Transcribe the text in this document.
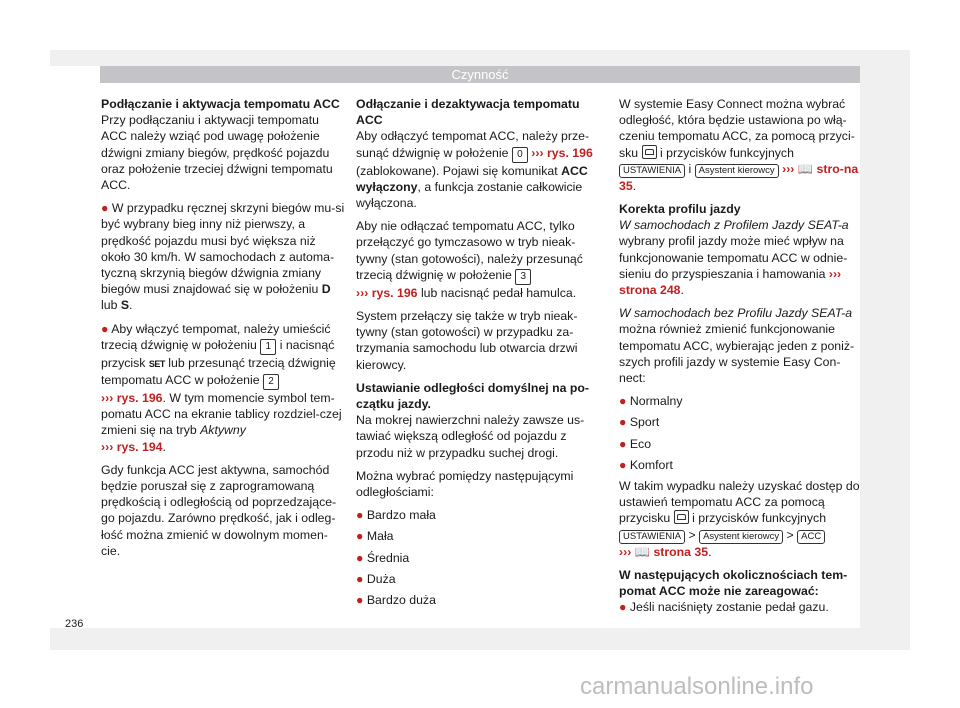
Czynność
Podłączanie i aktywacja tempomatu ACC

Przy podłączaniu i aktywacji tempomatu ACC należy wziąć pod uwagę położenie dźwigni zmiany biegów, prędkość pojazdu oraz położenie trzeciej dźwigni tempomatu ACC.

● W przypadku ręcznej skrzyni biegów mu-si być wybrany bieg inny niż pierwszy, a prędkość pojazdu musi być większa niż około 30 km/h. W samochodach z automa-tyczną skrzynią biegów dźwignia zmiany biegów musi znajdować się w położeniu D lub S.

● Aby włączyć tempomat, należy umieścić trzecią dźwignię w położeniu 1 i nacisnąć przycisk SET lub przesunąć trzecią dźwignię tempomatu ACC w położenie 2
››› rys. 196. W tym momencie symbol tem-pomatu ACC na ekranie tablicy rozdziel-czej zmieni się na tryb Aktywny
››› rys. 194.

Gdy funkcja ACC jest aktywna, samochód będzie poruszał się z zaprogramowaną prędkością i odległością od poprzedzające-go pojazdu. Zarówno prędkość, jak i odleg-łość można zmienić w dowolnym momen-cie.

Odłączanie i dezaktywacja tempomatu ACC

Aby odłączyć tempomat ACC, należy prze-sunąć dźwignię w położenie 0 ››› rys. 196 (zablokowane). Pojawi się komunikat ACC wyłączony, a funkcja zostanie całkowicie wyłączona.

Aby nie odłączać tempomatu ACC, tylko przełączyć go tymczasowo w tryb nieak-tywny (stan gotowości), należy przesunąć trzecią dźwignię w położenie 3
››› rys. 196 lub nacisnąć pedał hamulca.

System przełączy się także w tryb nieak-tywny (stan gotowości) w przypadku za-trzymania samochodu lub otwarcia drzwi kierowcy.

Ustawianie odległości domyślnej na po-czątku jazdy.

Na mokrej nawierzchni należy zawsze us-tawiać większą odległość od pojazdu z przodu niż w przypadku suchej drogi.

Można wybrać pomiędzy następującymi odległościami:

● Bardzo mała
● Mała
● Średnia
● Duża
● Bardzo duża

W systemie Easy Connect można wybrać odległość, która będzie ustawiona po włą-czeniu tempomatu ACC, za pomocą przyci-sku i przycisków funkcyjnych
USTAWIENIA i Asystent kierowcy ››› 📖 stro-na 35.

Korekta profilu jazdy

W samochodach z Profilem Jazdy SEAT-a wybrany profil jazdy może mieć wpływ na funkcjonowanie tempomatu ACC w odnie-sieniu do przyspieszania i hamowania ››› strona 248.

W samochodach bez Profilu Jazdy SEAT-a można również zmienić funkcjonowanie tempomatu ACC, wybierając jeden z poniż-szych profili jazdy w systemie Easy Con-nect:

● Normalny
● Sport
● Eco
● Komfort

W takim wypadku należy uzyskać dostęp do ustawień tempomatu ACC za pomocą przycisku i przycisków funkcyjnych
USTAWIENIA > Asystent kierowcy > ACC
››› 📖 strona 35.

W następujących okolicznościach tem-pomat ACC może nie zareagować:

● Jeśli naciśnięty zostanie pedał gazu.

236
carmanualsonline.info
